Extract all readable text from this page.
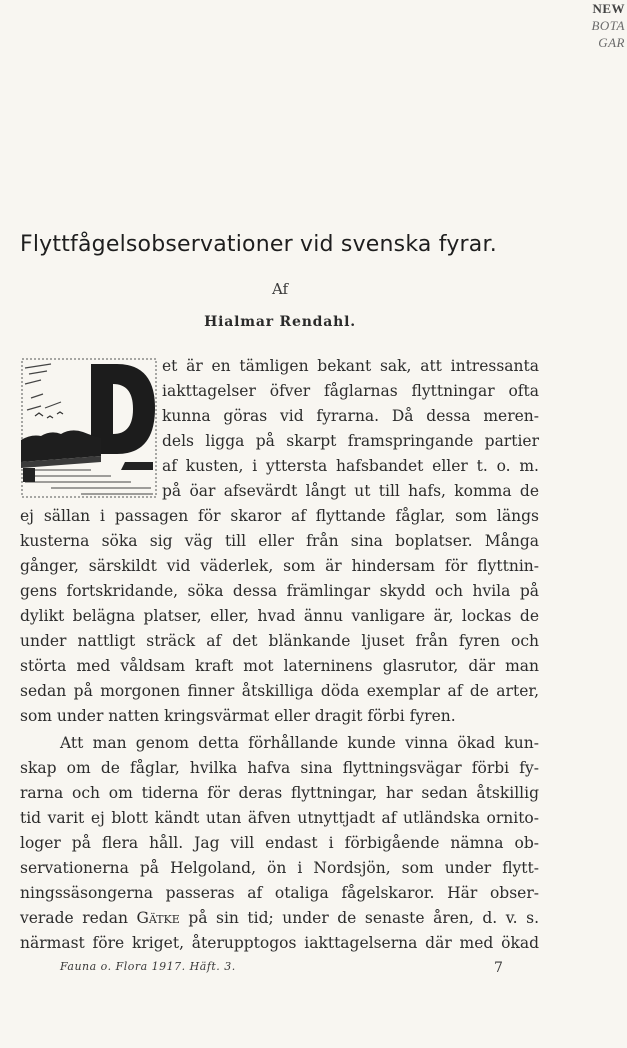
NEW
BOTA
GAR
Flyttfågelsobservationer vid svenska fyrar.
Af
Hialmar Rendahl.
et är en tämligen bekant sak, att intressanta
iakttagelser öfver fåglarnas flyttningar ofta
kunna göras vid fyrarna. Då dessa meren-
dels ligga på skarpt framspringande partier
af kusten, i yttersta hafsbandet eller t. o. m.
på öar afsevärdt långt ut till hafs, komma de
ej sällan i passagen för skaror af flyttande fåglar, som längs
kusterna söka sig väg till eller från sina boplatser. Många
gånger, särskildt vid väderlek, som är hindersam för flyttnin-
gens fortskridande, söka dessa främlingar skydd och hvila på
dylikt belägna platser, eller, hvad ännu vanligare är, lockas de
under nattligt sträck af det blänkande ljuset från fyren och
störta med våldsam kraft mot laterninens glasrutor, där man
sedan på morgonen finner åtskilliga döda exemplar af de arter,
som under natten kringsvärmat eller dragit förbi fyren.
Att man genom detta förhållande kunde vinna ökad kun-
skap om de fåglar, hvilka hafva sina flyttningsvägar förbi fy-
rarna och om tiderna för deras flyttningar, har sedan åtskillig
tid varit ej blott kändt utan äfven utnyttjadt af utländska ornito-
loger på flera håll. Jag vill endast i förbigående nämna ob-
servationerna på Helgoland, ön i Nordsjön, som under flytt-
ningssäsongerna passeras af otaliga fågelskaror. Här obser-
verade redan Gätke på sin tid; under de senaste åren, d. v. s.
närmast före kriget, återupptogos iakttagelserna där med ökad
Fauna o. Flora 1917. Häft. 3.	7
